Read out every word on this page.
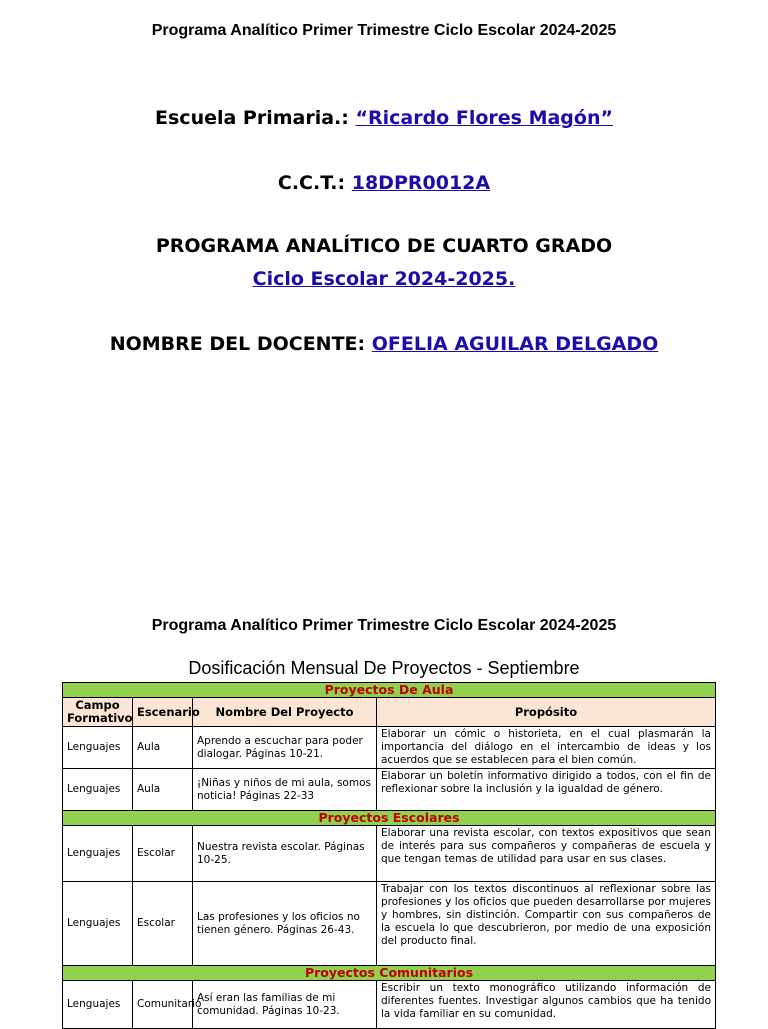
Programa Analítico Primer Trimestre Ciclo Escolar 2024-2025
Escuela Primaria.: “Ricardo Flores Magón”
C.C.T.: 18DPR0012A
PROGRAMA ANALÍTICO DE CUARTO GRADO
Ciclo Escolar 2024-2025.
NOMBRE DEL DOCENTE: OFELIA AGUILAR DELGADO
Programa Analítico Primer Trimestre Ciclo Escolar 2024-2025
Dosificación Mensual De Proyectos - Septiembre
Proyectos De Aula			
Campo Formativo	Escenario	Nombre Del Proyecto	Propósito
Lenguajes	Aula	Aprendo a escuchar para poder dialogar. Páginas 10-21.	Elaborar un cómic o historieta, en el cual plasmarán la importancia del diálogo en el intercambio de ideas y los acuerdos que se establecen para el bien común.
Lenguajes	Aula	¡Niñas y niños de mi aula, somos noticia! Páginas 22-33	Elaborar un boletín informativo dirigido a todos, con el fin de reflexionar sobre la inclusión y la igualdad de género.
Proyectos Escolares			
Lenguajes	Escolar	Nuestra revista escolar. Páginas 10-25.	Elaborar una revista escolar, con textos expositivos que sean de interés para sus compañeros y compañeras de escuela y que tengan temas de utilidad para usar en sus clases.
Lenguajes	Escolar	Las profesiones y los oficios no tienen género. Páginas 26-43.	Trabajar con los textos discontinuos al reflexionar sobre las profesiones y los oficios que pueden desarrollarse por mujeres y hombres, sin distinción. Compartir con sus compañeros de la escuela lo que descubrieron, por medio de una exposición del producto final.
Proyectos Comunitarios			
Lenguajes	Comunitario	Así eran las familias de mi comunidad. Páginas 10-23.	Escribir un texto monográfico utilizando información de diferentes fuentes. Investigar algunos cambios que ha tenido la vida familiar en su comunidad.
